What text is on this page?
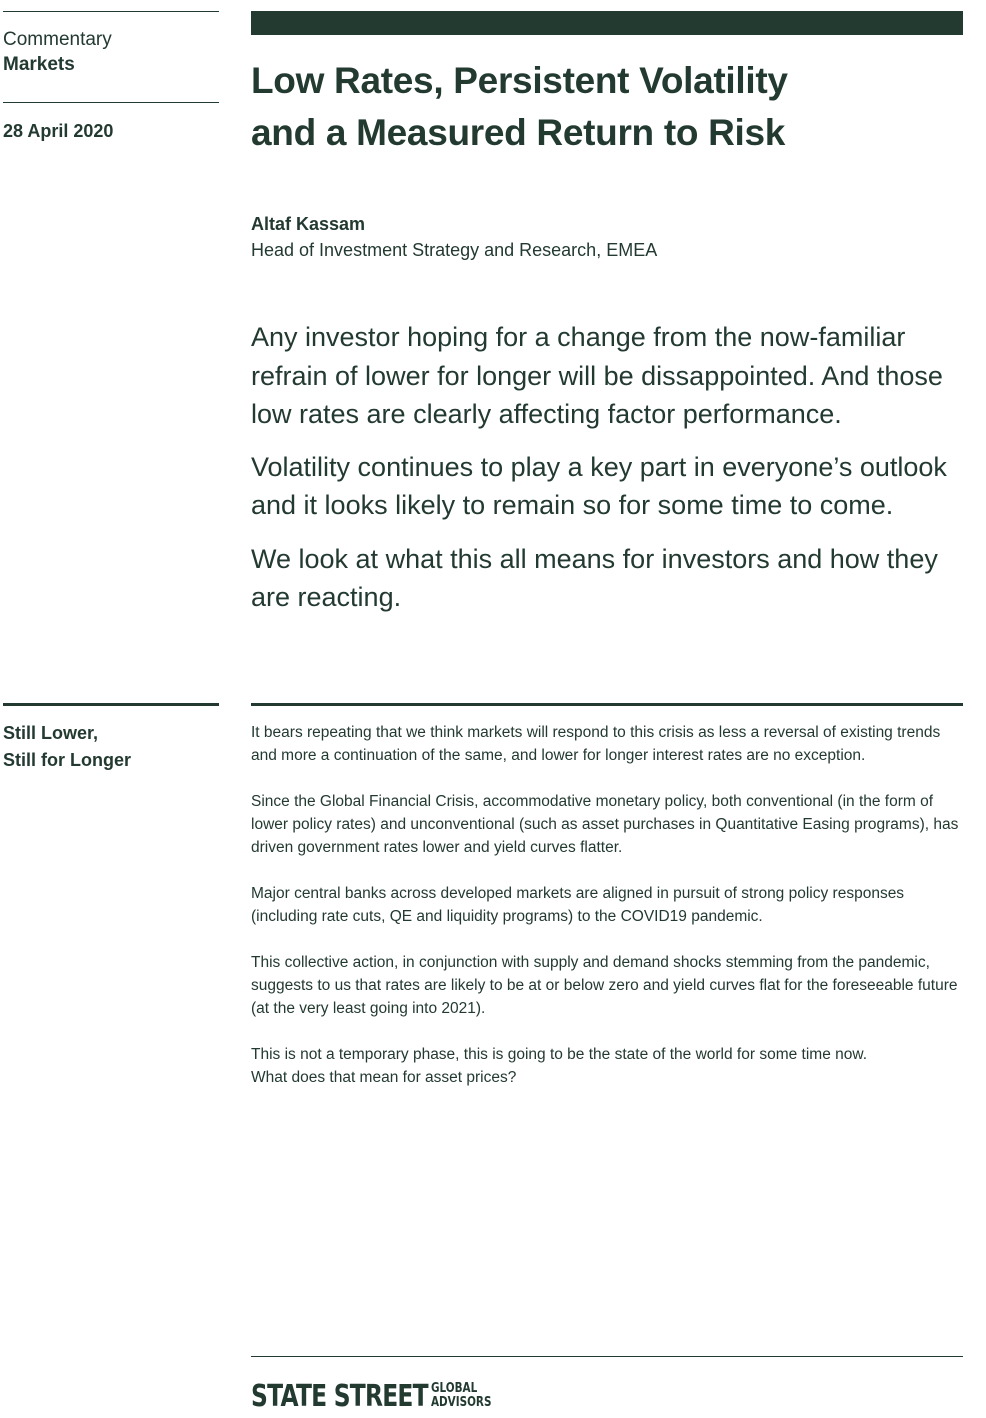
Commentary
Markets
28 April 2020
Low Rates, Persistent Volatility
and a Measured Return to Risk
Altaf Kassam
Head of Investment Strategy and Research, EMEA

Any investor hoping for a change from the now-familiar refrain of lower for longer will be dissappointed. And those low rates are clearly affecting factor performance.

Volatility continues to play a key part in everyone’s outlook and it looks likely to remain so for some time to come.

We look at what this all means for investors and how they are reacting.

Still Lower,
Still for Longer

It bears repeating that we think markets will respond to this crisis as less a reversal of existing trends and more a continuation of the same, and lower for longer interest rates are no exception.

Since the Global Financial Crisis, accommodative monetary policy, both conventional (in the form of lower policy rates) and unconventional (such as asset purchases in Quantitative Easing programs), has driven government rates lower and yield curves flatter.

Major central banks across developed markets are aligned in pursuit of strong policy responses (including rate cuts, QE and liquidity programs) to the COVID19 pandemic.

This collective action, in conjunction with supply and demand shocks stemming from the pandemic, suggests to us that rates are likely to be at or below zero and yield curves flat for the foreseeable future (at the very least going into 2021).

This is not a temporary phase, this is going to be the state of the world for some time now.
What does that mean for asset prices?
STATE STREET GLOBAL
ADVISORS
